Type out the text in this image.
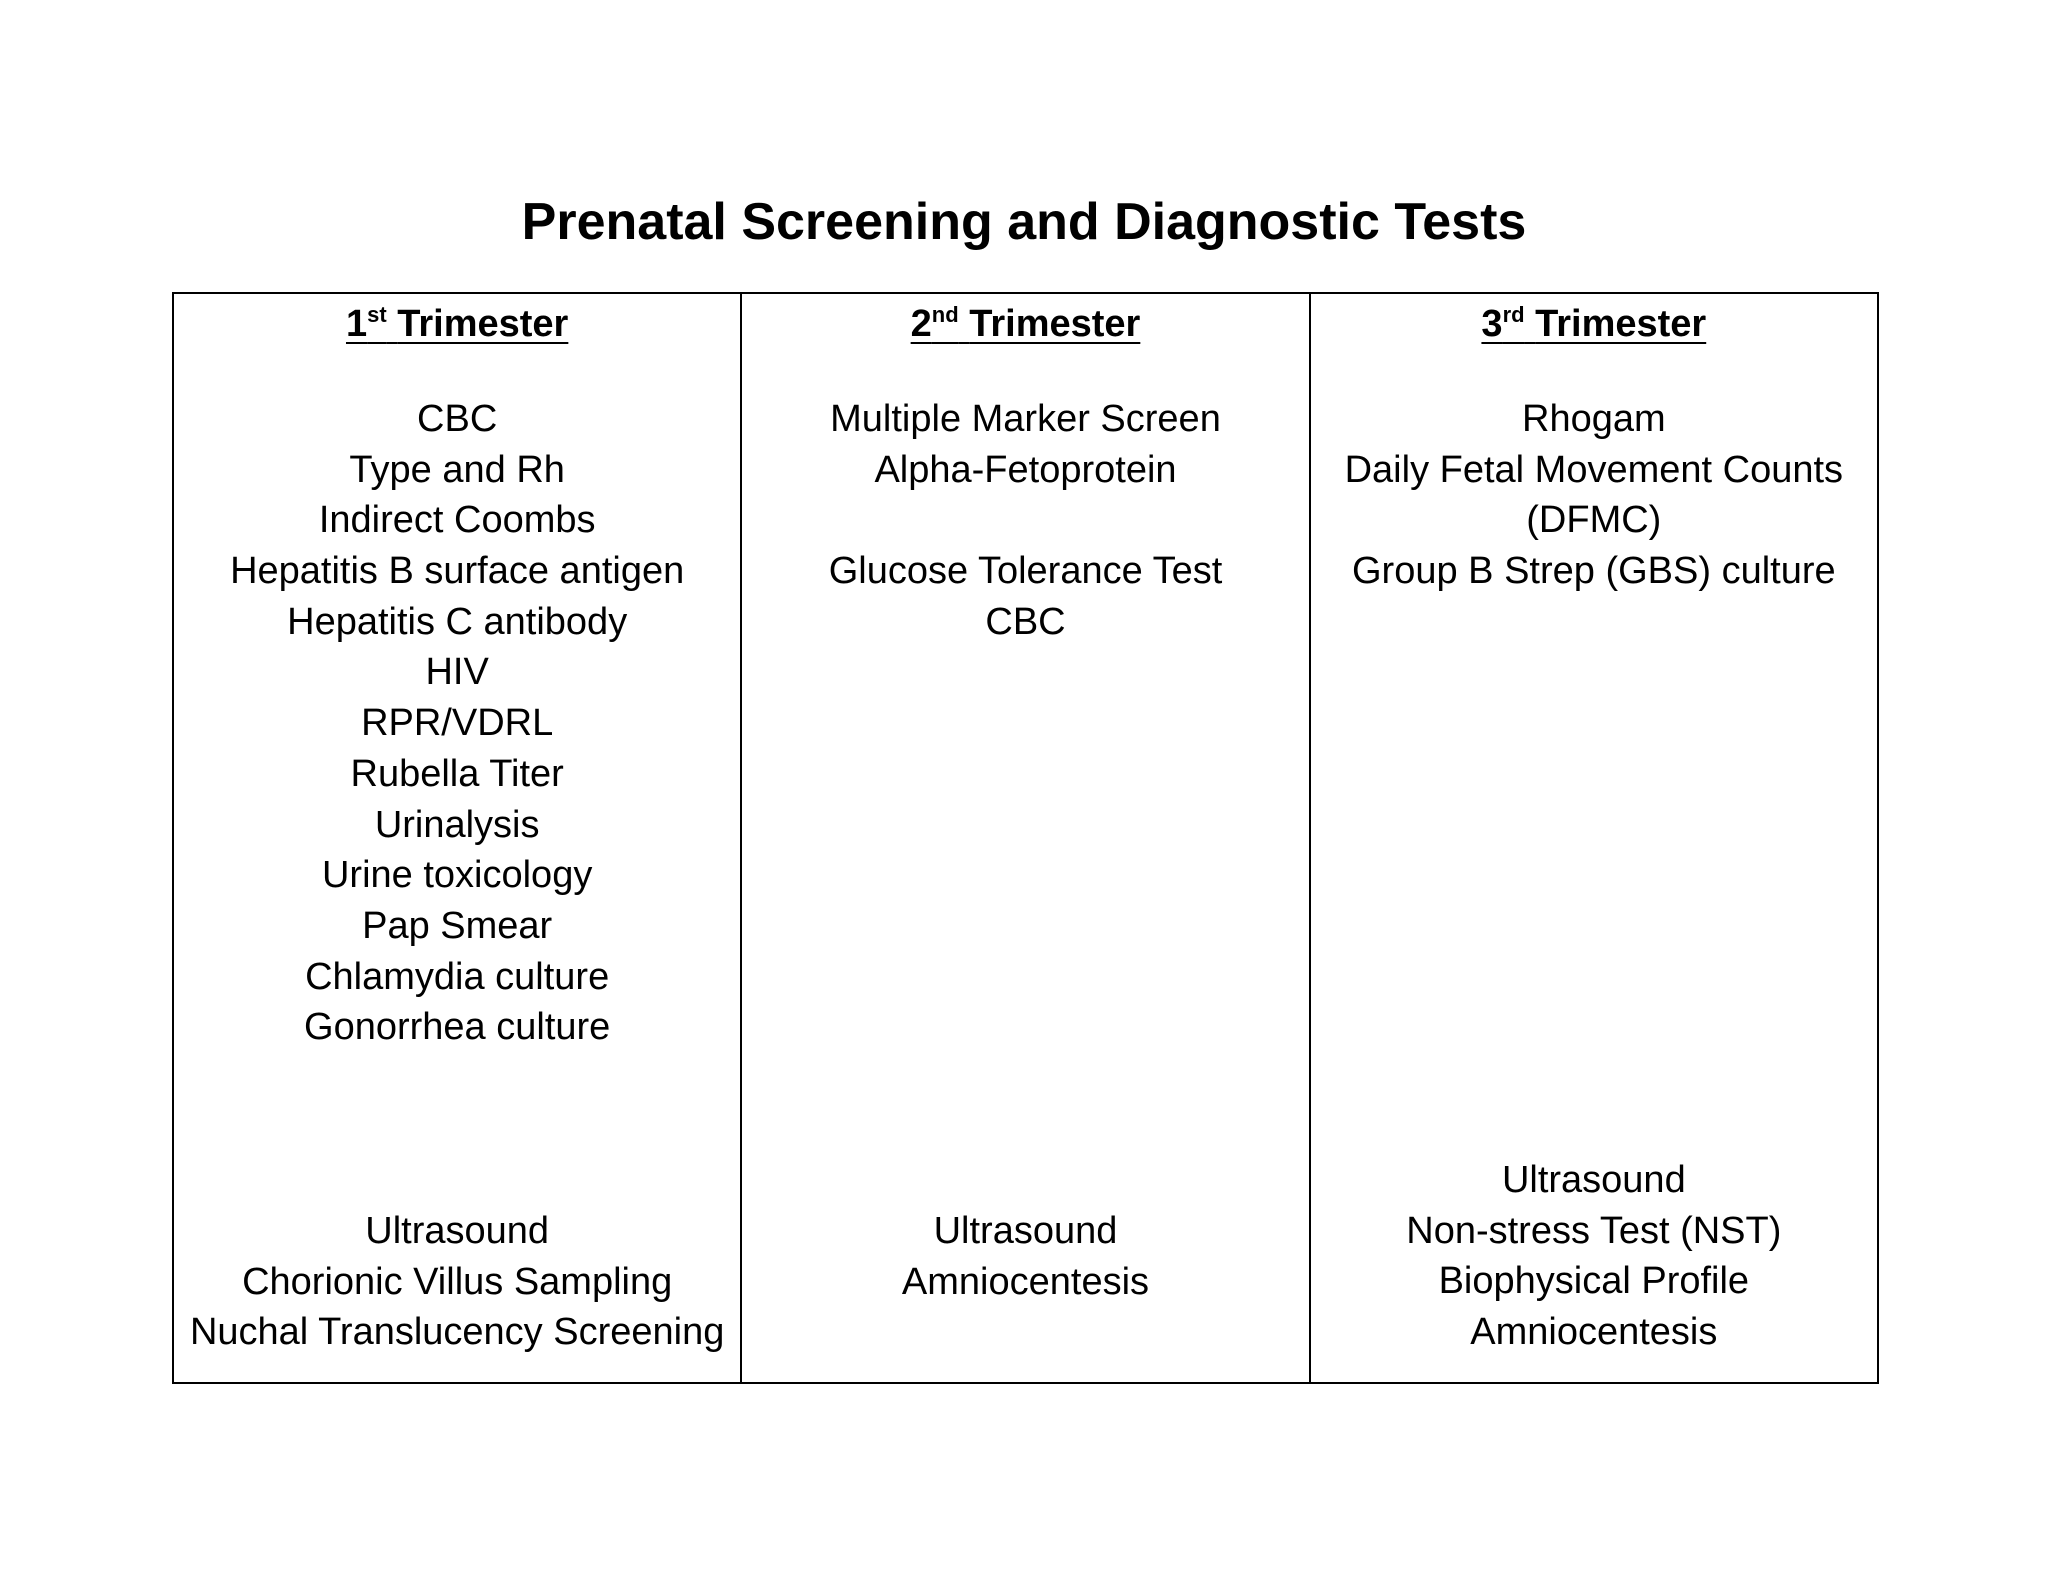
Prenatal Screening and Diagnostic Tests
1st Trimester
CBC
Type and Rh
Indirect Coombs
Hepatitis B surface antigen
Hepatitis C antibody
HIV
RPR/VDRL
Rubella Titer
Urinalysis
Urine toxicology
Pap Smear
Chlamydia culture
Gonorrhea culture
Ultrasound
Chorionic Villus Sampling
Nuchal Translucency Screening
2nd Trimester
Multiple Marker Screen
Alpha-Fetoprotein
Glucose Tolerance Test
CBC
Ultrasound
Amniocentesis
3rd Trimester
Rhogam
Daily Fetal Movement Counts
(DFMC)
Group B Strep (GBS) culture
Ultrasound
Non-stress Test (NST)
Biophysical Profile
Amniocentesis
